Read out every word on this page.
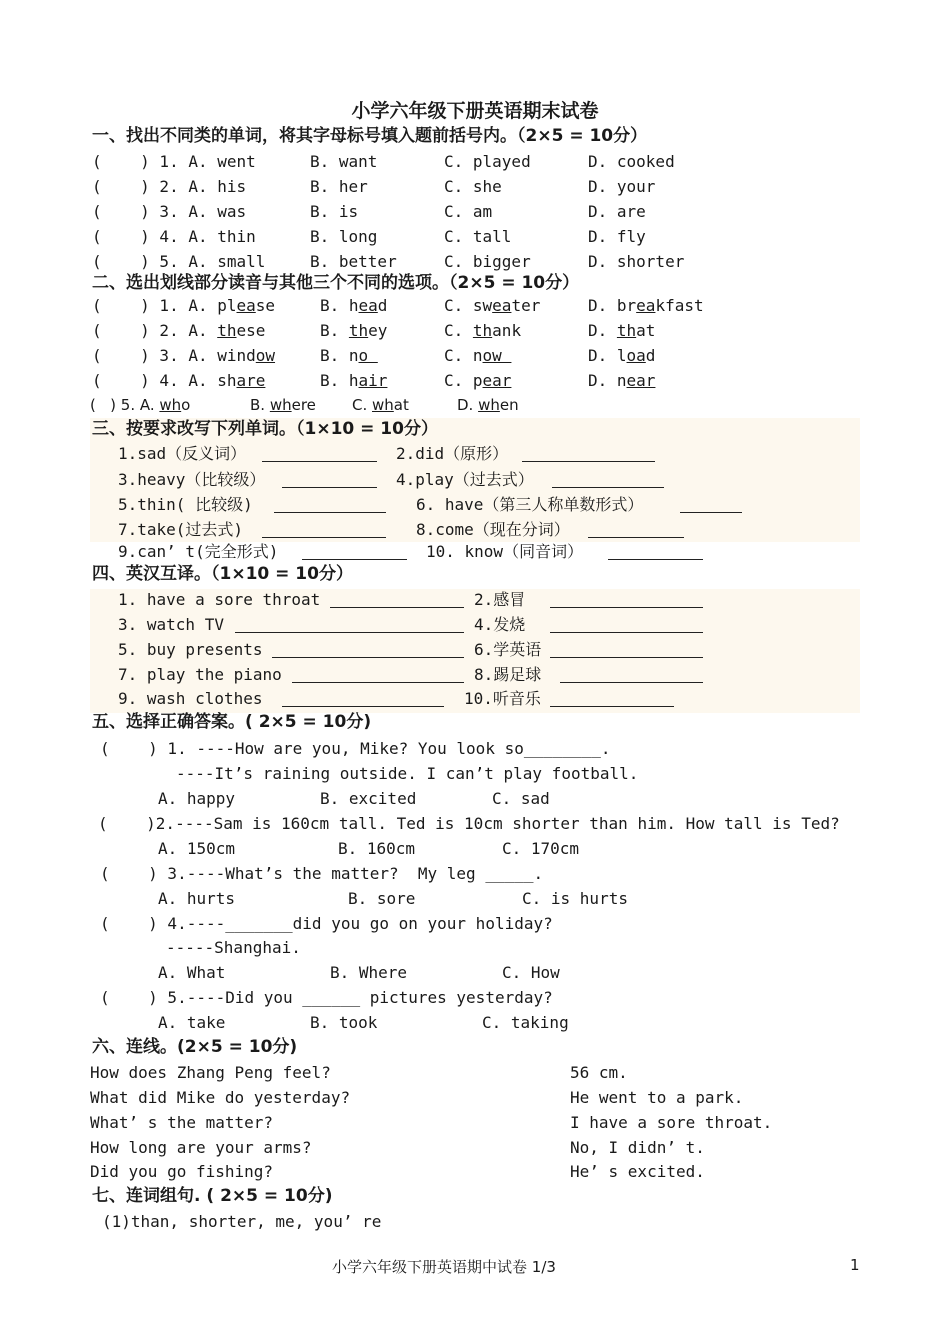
小学六年级下册英语期末试卷
一、找出不同类的单词，将其字母标号填入题前括号内。（2×5 = 10分）
(    ) 1. A. went	B. want	C. played	D. cooked
(    ) 2. A. his	B. her	C. she	D. your
(    ) 3. A. was	B. is	C. am	D. are
(    ) 4. A. thin	B. long	C. tall	D. fly
(    ) 5. A. small	B. better	C. bigger	D. shorter
二、选出划线部分读音与其他三个不同的选项。（2×5 = 10分）
(    ) 1. A. please	B. head	C. sweater	D. breakfast
(    ) 2. A. these	B. they	C. thank	D. that
(    ) 3. A. window	B. no	C. now	D. load
(    ) 4. A. share	B. hair	C. pear	D. near
(   ) 5. A. who	B. where C. what	D. when
三、按要求改写下列单词。（1×10 = 10分）
1.sad（反义词）	2.did（原形）
3.heavy（比较级）	4.play（过去式）
5.thin( 比较级)	6. have（第三人称单数形式）
7.take(过去式)	8.come（现在分词）
9.can’ t(完全形式)	10. know（同音词）
四、英汉互译。（1×10 = 10分）
1. have a sore throat	2.感冒
3. watch TV	4.发烧
5. buy presents	6.学英语
7. play the piano	8.踢足球
9. wash clothes	10.听音乐
五、选择正确答案。( 2×5 = 10分)
(    ) 1. ----How are you, Mike? You look so________.
----It’s raining outside. I can’t play football.
A. happy	B. excited	C. sad
(    )2.----Sam is 160cm tall. Ted is 10cm shorter than him. How tall is Ted?
A. 150cm	B. 160cm	C. 170cm
(    ) 3.----What’s the matter?  My leg _____.
A. hurts	B. sore	C. is hurts
(    ) 4.----_______did you go on your holiday?
-----Shanghai.
A. What	B. Where	C. How
(    ) 5.----Did you ______ pictures yesterday?
A. take	B. took	C. taking
六、连线。(2×5 = 10分)
How does Zhang Peng feel?
What did Mike do yesterday?
What’ s the matter?
How long are your arms?
Did you go fishing?
56 cm.
He went to a park.
I have a sore throat.
No, I didn’ t.
He’ s excited.
七、连词组句. ( 2×5 = 10分)
(1)than, shorter, me, you’ re
小学六年级下册英语期中试卷 1/3	1
